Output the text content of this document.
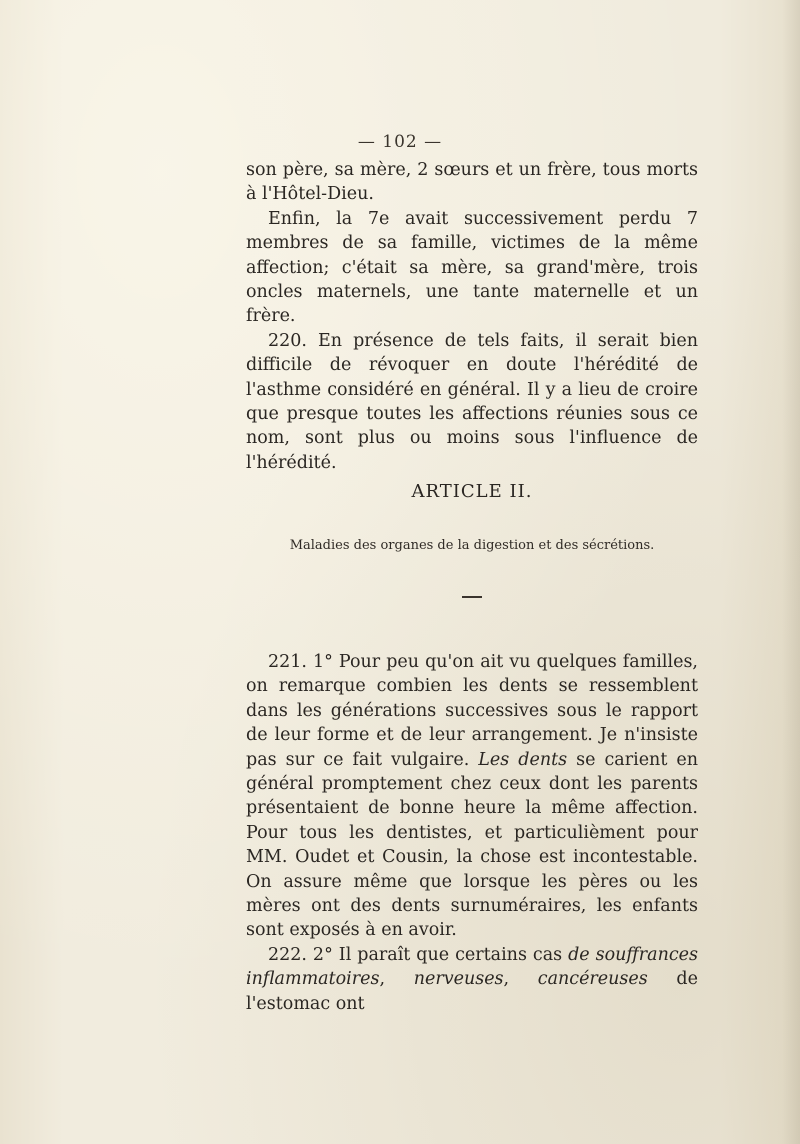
— 102 —

son père, sa mère, 2 sœurs et un frère, tous morts à l'Hôtel-Dieu.

Enfin, la 7e avait successivement perdu 7 membres de sa famille, victimes de la même affection; c'était sa mère, sa grand'mère, trois oncles maternels, une tante maternelle et un frère.

220. En présence de tels faits, il serait bien difficile de révoquer en doute l'hérédité de l'asthme considéré en général. Il y a lieu de croire que presque toutes les affections réunies sous ce nom, sont plus ou moins sous l'influence de l'hérédité.

ARTICLE II.
Maladies des organes de la digestion et des sécrétions.

221. 1° Pour peu qu'on ait vu quelques familles, on remarque combien les dents se ressemblent dans les générations successives sous le rapport de leur forme et de leur arrangement. Je n'insiste pas sur ce fait vulgaire. Les dents se carient en général promptement chez ceux dont les parents présentaient de bonne heure la même affection. Pour tous les dentistes, et particulièment pour MM. Oudet et Cousin, la chose est incontestable. On assure même que lorsque les pères ou les mères ont des dents surnuméraires, les enfants sont exposés à en avoir.

222. 2° Il paraît que certains cas de souffrances inflammatoires, nerveuses, cancéreuses de l'estomac ont
